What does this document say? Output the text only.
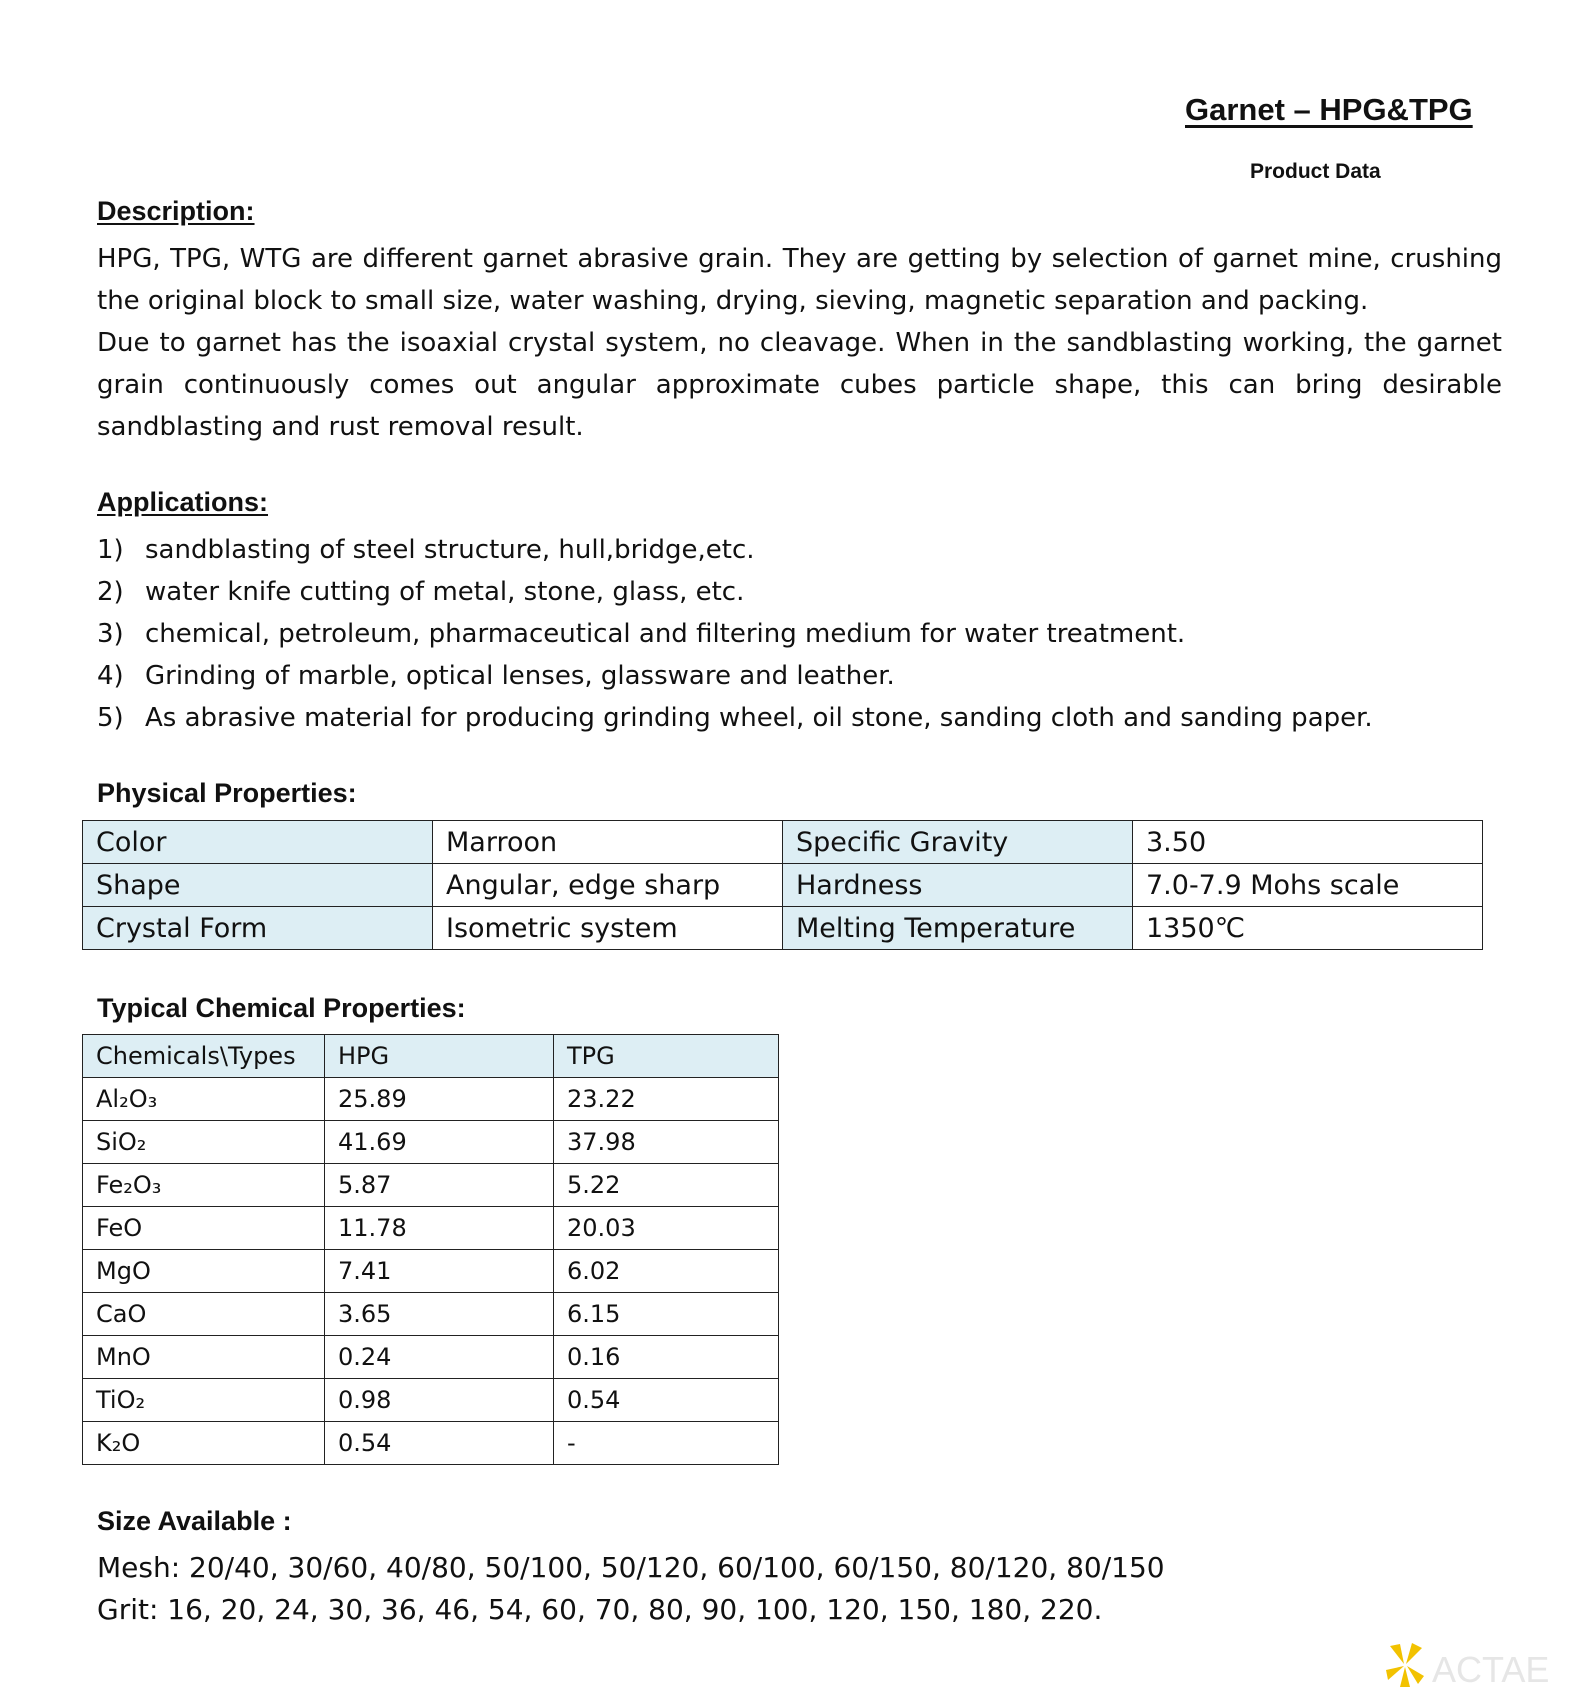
Garnet – HPG&TPG
Product Data
Description:

HPG, TPG, WTG are different garnet abrasive grain. They are getting by selection of garnet mine, crushing the original block to small size, water washing, drying, sieving, magnetic separation and packing.

Due to garnet has the isoaxial crystal system, no cleavage. When in the sandblasting working, the garnet grain continuously comes out angular approximate cubes particle shape, this can bring desirable sandblasting and rust removal result.

Applications:
1) sandblasting of steel structure, hull,bridge,etc.
2) water knife cutting of metal, stone, glass, etc.
3) chemical, petroleum, pharmaceutical and filtering medium for water treatment.
4) Grinding of marble, optical lenses, glassware and leather.
5) As abrasive material for producing grinding wheel, oil stone, sanding cloth and sanding paper.
Physical Properties:
Color	Marroon	Specific Gravity	3.50
Shape	Angular, edge sharp	Hardness	7.0-7.9 Mohs scale
Crystal Form	Isometric system	Melting Temperature	1350℃
Typical Chemical Properties:
Chemicals\Types	HPG	TPG
Al₂O₃	25.89	23.22
SiO₂	41.69	37.98
Fe₂O₃	5.87	5.22
FeO	11.78	20.03
MgO	7.41	6.02
CaO	3.65	6.15
MnO	0.24	0.16
TiO₂	0.98	0.54
K₂O	0.54	-
Size Available :
Mesh: 20/40, 30/60, 40/80, 50/100, 50/120, 60/100, 60/150, 80/120, 80/150
Grit: 16, 20, 24, 30, 36, 46, 54, 60, 70, 80, 90, 100, 120, 150, 180, 220.
ACTAE
